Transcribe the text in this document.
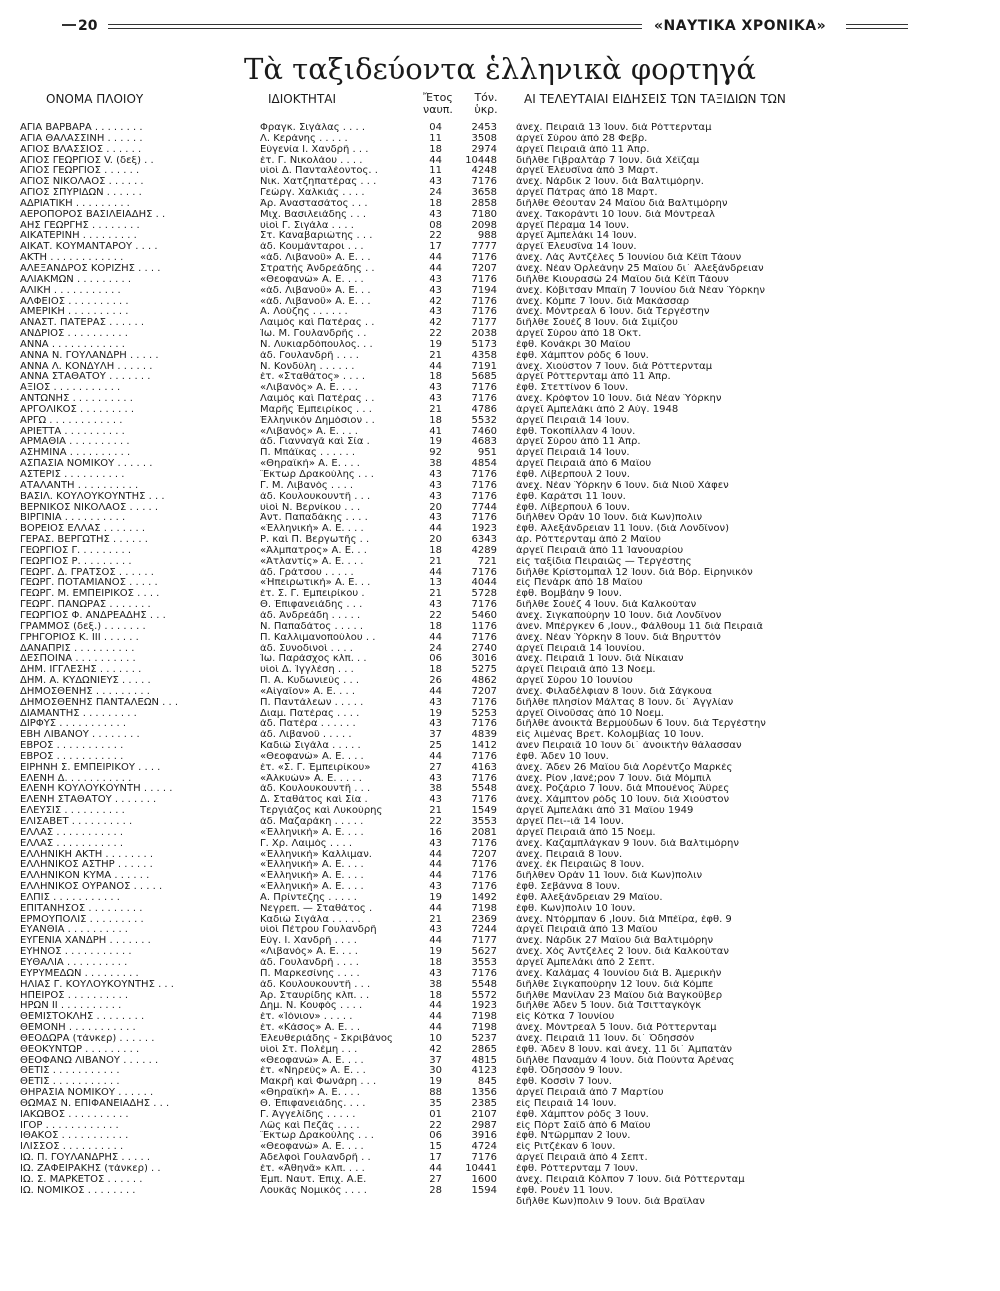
20	«ΝΑΥΤΙΚΑ ΧΡΟΝΙΚΑ»
Τὰ ταξιδεύοντα ἑλληνικὰ φορτηγά
ΟΝΟΜΑ ΠΛΟΙΟΥ	ΙΔΙΟΚΤΗΤΑΙ	Ἔτος ναυπ.
Τόν. ὑκρ.
ΑΙ ΤΕΛΕΥΤΑΙΑΙ ΕΙΔΗΣΕΙΣ ΤΩΝ ΤΑΞΙΔΙΩΝ ΤΩΝ
ΑΓΙΑ ΒΑΡΒΑΡΑ . . . . . . . .	Φραγκ. Σιγάλας . . . .	04	2453 ἀνεχ. Πειραιᾶ 13 Ἰουν. διὰ Ρόττερνταμ
ΑΓΙΑ ΘΑΛΑΣΣΙΝΗ . . . . . .	Λ. Κεράνης . . . . .	11	3508 ἀργεῖ Σύρου ἀπὸ 28 Φεβρ.
ΑΓΙΟΣ ΒΛΑΣΣΙΟΣ . . . . . .	Εὐγενία Ι. Χανδρῆ . . .	18	2974 ἀργεῖ Πειραιᾶ ἀπὸ 11 Ἀπρ.
ΑΓΙΟΣ ΓΕΩΡΓΙΟΣ V. (δεξ) . .	ἐτ. Γ. Νικολάου . . . .	44	10448 διῆλθε Γιβραλτὰρ 7 Ἰουν. διὰ Χέϊζαμ
ΑΓΙΟΣ ΓΕΩΡΓΙΟΣ . . . . . .	υἱοὶ Δ. Πανταλέοντος. .	11	4248 ἀργεῖ Ἐλευσῖνα ἀπὸ 3 Μαρτ.
ΑΓΙΟΣ ΝΙΚΟΛΑΟΣ . . . . . .	Νικ. Χατζηπατέρας . . .	43	7176 ἀνεχ. Νάρδικ 2 Ἰουν. διὰ Βαλτιμόρην.
ΑΓΙΟΣ ΣΠΥΡΙΔΩΝ . . . . . .	Γεώργ. Χαλκιάς . . . .	24	3658 ἀργεῖ Πάτρας ἀπὸ 18 Μαρτ.
ΑΔΡΙΑΤΙΚΗ . . . . . . . . .	Ἀρ. Ἀναστασάτος . . .	18	2858 διῆλθε Θέουταν 24 Μαΐου διὰ Βαλτιμόρην
ΑΕΡΟΠΟΡΟΣ ΒΑΣΙΛΕΙΑΔΗΣ . .	Μιχ. Βασιλειάδης . . .	43	7180 ἀνεχ. Τακοράντι 10 Ἰουν. διὰ Μόντρεαλ
ΑΗΣ ΓΕΩΡΓΗΣ . . . . . . . .	υἱοὶ Γ. Σιγάλα . . . .	08	2098 ἀργεῖ Πέραμα 14 Ἰουν.
ΑΙΚΑΤΕΡΙΝΗ . . . . . . . . .	Στ. Καναβαριώτης . . .	22	988 ἀργεῖ Ἀμπελάκι 14 Ἰουν.
ΑΙΚΑΤ. ΚΟΥΜΑΝΤΑΡΟΥ . . . .	ἀδ. Κουμάνταροι . . .	17	7777 ἀργεῖ Ἐλευσῖνα 14 Ἰουν.
ΑΚΤΗ . . . . . . . . . . . .	«ἀδ. Λιβανοῦ» Α. Ε. . .	44	7176 ἀνεχ. Λὰς Ἀντζέλες 5 Ἰουνίου διὰ Κέϊπ Τάουν
ΑΛΕΞΑΝΔΡΟΣ ΚΟΡΙΖΗΣ . . . .	Στρατής Ἀνδρεάδης . .	44	7207 ἀνεχ. Νέαν Ὀρλεάνην 25 Μαΐου δι᾿ Ἀλεξάνδρειαν
ΑΛΙΑΚΜΩΝ . . . . . . . . .	«Θεοφανώ» Α. Ε. . . .	43	7176 διῆλθε Κιουρασὼ 24 Μαΐου διὰ Κέϊπ Τάουν
ΑΛΙΚΗ . . . . . . . . . . .	«ἀδ. Λιβανοῦ» Α. Ε. . .	43	7194 ἀνεχ. Κόβιτσαν Μπαῒη 7 Ἰουνίου διὰ Νέαν Ὑόρκην
ΑΛΦΕΙΟΣ . . . . . . . . . .	«ἀδ. Λιβανοῦ» Α. Ε. . .	42	7176 ἀνεχ. Κόμπε 7 Ἰουν. διὰ Μακάσσαρ
ΑΜΕΡΙΚΗ . . . . . . . . . .	Α. Λούζης . . . . . .	43	7176 ἀνεχ. Μόντρεαλ 6 Ἰουν. διὰ Τεργέστην
ΑΝΑΣΤ. ΠΑΤΕΡΑΣ . . . . . .	Λαιμὸς καὶ Πατέρας . .	42	7177 διῆλθε Σουὲζ 8 Ἰουν. διὰ Σιμίζου
ΑΝΔΡΙΟΣ . . . . . . . . . .	Ἰω. Μ. Γουλανδρῆς . .	22	2038 ἀργεῖ Σύρου ἀπὸ 18 Ὀκτ.
ΑΝΝΑ . . . . . . . . . . . .	Ν. Λυκιαρδόπουλος. . .	19	5173 ἐφθ. Κονάκρι 30 Μαΐου
ΑΝΝΑ Ν. ΓΟΥΛΑΝΔΡΗ . . . . .	ἀδ. Γουλανδρῆ . . . .	21	4358 ἐφθ. Χάμπτον ρὸδς 6 Ἰουν.
ΑΝΝΑ Λ. ΚΟΝΔΥΛΗ . . . . . .	Ν. Κονδύλη . . . . . .	44	7191 ἀνεχ. Χιούστον 7 Ἰουν. διὰ Ρόττερνταμ
ΑΝΝΑ ΣΤΑΘΑΤΟΥ . . . . . . .	ἐτ. «Σταθάτος» . . . .	18	5685 ἀργεῖ Ρόττερνταμ ἀπὸ 11 Ἀπρ.
ΑΞΙΟΣ . . . . . . . . . . .	«Λιβανὸς» Α. Ε. . . .	43	7176 ἐφθ. Στεττίνον 6 Ἰουν.
ΑΝΤΩΝΗΣ . . . . . . . . . .	Λαιμὸς καὶ Πατέρας . .	43	7176 ἀνεχ. Κρόφτον 10 Ἰουν. διὰ Νέαν Ὑόρκην
ΑΡΓΟΛΙΚΟΣ . . . . . . . . .	Μαρῆς Ἐμπειρίκος . . .	21	4786 ἀργεῖ Ἀμπελάκι ἀπὸ 2 Αὐγ. 1948
ΑΡΓΩ . . . . . . . . . . . .	Ἑλληνικὸν Δημόσιον . .	18	5532 ἀργεῖ Πειραιᾶ 14 Ἰουν.
ΑΡΙΕΤΤΑ . . . . . . . . . .	«Λιβανὸς» Α. Ε. . . .	41	7460 ἐφθ. Τοκοπίλλαν 4 Ἰουν.
ΑΡΜΑΘΙΑ . . . . . . . . . .	ἀδ. Γιανναγᾶ καὶ Σία .	19	4683 ἀργεῖ Σύρου ἀπὸ 11 Ἀπρ.
ΑΣΗΜΙΝΑ . . . . . . . . . .	Π. Μπάϊκας . . . . . .	92	951 ἀργεῖ Πειραιᾶ 14 Ἰουν.
ΑΣΠΑΣΙΑ ΝΟΜΙΚΟΥ . . . . . .	«Θηραϊκή» Α. Ε. . . .	38	4854 ἀργεῖ Πειραιᾶ ἀπὸ 6 Μαΐου
ΑΣΤΕΡΙΣ . . . . . . . . . .	Ἕκτωρ Δρακούλης . . .	43	7176 ἐφθ. Λίβερπουλ 2 Ἰουν.
ΑΤΑΛΑΝΤΗ . . . . . . . . . .	Γ. Μ. Λιβανὸς . . . .	43	7176 ἀνεχ. Νέαν Ὑόρκην 6 Ἰουν. διὰ Νιοῦ Χάφεν
ΒΑΣΙΛ. ΚΟΥΛΟΥΚΟΥΝΤΗΣ . . .	ἀδ. Κουλουκουντῆ . . .	43	7176 ἐφθ. Καράτσι 11 Ἰουν.
ΒΕΡΝΙΚΟΣ ΝΙΚΟΛΑΟΣ . . . . .	υἱοὶ Ν. Βερνίκου . . .	20	7744 ἐφθ. Λίβερπουλ 6 Ἰουν.
ΒΙΡΓΙΝΙΑ . . . . . . . . . .	Ἀντ. Παπαδάκης . . . .	43	7176 διῆλθεν Ὀρὰν 10 Ἰουν. διὰ Κων)πολιν
ΒΟΡΕΙΟΣ ΕΛΛΑΣ . . . . . . .	«Ἑλληνική» Α. Ε. . . .	44	1923 ἐφθ. Ἀλεξάνδρειαν 11 Ἰουν. (διὰ Λονδῖνον)
ΓΕΡΑΣ. ΒΕΡΓΩΤΗΣ . . . . . .	Ρ. καὶ Π. Βεργωτῆς . .	20	6343 ἀρ. Ρόττερνταμ ἀπὸ 2 Μαΐου
ΓΕΩΡΓΙΟΣ Γ. . . . . . . . .	«Ἀλμπατρος» Α. Ε. . .	18	4289 ἀργεῖ Πειραιᾶ ἀπὸ 11 Ἰανουαρίου
ΓΕΩΡΓΙΟΣ Ρ. . . . . . . . .	«Ἀτλαντίς» Α. Ε. . . .	21	721 εἰς ταξίδια Πειραιῶς — Τεργέστης
ΓΕΩΡΓ. Δ. ΓΡΑΤΣΟΣ . . . . . .	ἀδ. Γράτσου . . . . .	44	7176 διῆλθε Κρίστομπαλ 12 Ἰουν. διὰ Βόρ. Εἰρηνικὸν
ΓΕΩΡΓ. ΠΟΤΑΜΙΑΝΟΣ . . . . .	«Ἠπειρωτική» Α. Ε. . .	13	4044 εἰς Πενὰρκ ἀπὸ 18 Μαΐου
ΓΕΩΡΓ. Μ. ΕΜΠΕΙΡΙΚΟΣ . . . .	ἐτ. Σ. Γ. Ἐμπειρίκου .	21	5728 ἐφθ. Βομβάην 9 Ἰουν.
ΓΕΩΡΓ. ΠΑΝΩΡΑΣ . . . . . . .	Θ. Ἐπιφανειάδης . . .	43	7176 διῆλθε Σουὲζ 4 Ἰουν. διὰ Καλκούταν
ΓΕΩΡΓΙΟΣ Φ. ΑΝΔΡΕΑΔΗΣ . . .	ἀδ. Ἀνδρεάδη . . . . .	22	5460 ἀνεχ. Σιγκαπούρην 10 Ἰουν. διὰ Λονδῖνον
ΓΡΑΜΜΟΣ (δεξ.) . . . . . . .	Ν. Παπαδάτος . . . . .	18	1176 ἀνεν. Μπέργκεν 6 ,Ιουν., Φάλθουμ 11 διὰ Πειραιᾶ
ΓΡΗΓΟΡΙΟΣ Κ. ΙΙΙ . . . . . .	Π. Καλλιμανοπούλου . .	44	7176 ἀνεχ. Νέαν Ὑόρκην 8 Ἰουν. διὰ Βηρυττὸν
ΔΑΝΑΠΡΙΣ . . . . . . . . . .	ἀδ. Συνοδινοὶ . . . .	24	2740 ἀργεῖ Πειραιᾶ 14 Ἰουνίου.
ΔΕΣΠΟΙΝΑ . . . . . . . . . .	Ἰω. Παράσχος κλπ. . .	06	3016 ἀνεχ. Πειραιᾶ 1 Ἰουν. διὰ Νίκαιαν
ΔΗΜ. ΙΓΓΛΕΣΗΣ . . . . . . .	υἱοὶ Δ. Ἰγγλέση . . .	18	5275 ἀργεῖ Πειραιᾶ ἀπὸ 13 Νοεμ.
ΔΗΜ. Α. ΚΥΔΩΝΙΕΥΣ . . . . .	Π. Α. Κυδωνιεὺς . . .	26	4862 ἀργεῖ Σύρου 10 Ἰουνίου
ΔΗΜΟΣΘΕΝΗΣ . . . . . . . . .	«Αἰγαῖον» Α. Ε. . . .	44	7207 ἀνεχ. Φιλαδέλφιαν 8 Ἰουν. διὰ Σάγκουα
ΔΗΜΟΣΘΕΝΗΣ ΠΑΝΤΑΛΕΩΝ . . .	Π. Παντάλεων . . . . .	43	7176 διῆλθε πλησίον Μάλτας 8 Ἰουν. δι᾿ Ἀγγλίαν
ΔΙΑΜΑΝΤΗΣ . . . . . . . . .	Διαμ. Πατέρας . . . .	19	5253 ἀργεῖ Οἰνοῦσας ἀπὸ 10 Νοεμ.
ΔΙΡΦΥΣ . . . . . . . . . . .	ἀδ. Πατέρα . . . . . .	43	7176 διῆλθε ἀνοικτὰ Βερμούδων 6 Ἰουν. διὰ Τεργέστην
ΕΒΗ ΛΙΒΑΝΟΥ . . . . . . . .	ἀδ. Λιβανοῦ . . . . .	37	4839 εἰς λιμένας Βρετ. Κολομβίας 10 Ἰουν.
ΕΒΡΟΣ . . . . . . . . . . .	Καδιώ Σιγάλα . . . . .	25	1412 ἀνεν Πειραιᾶ 10 Ἰουν δι᾿ ἀνοικτὴν θάλασσαν
ΕΒΡΟΣ . . . . . . . . . . .	«Θεοφανώ» Α. Ε. . . .	44	7176 ἐφθ. Ἄδεν 10 Ἰουν.
ΕΙΡΗΝΗ Σ. ΕΜΠΕΙΡΙΚΟΥ . . . .	ἐτ. «Σ. Γ. Ἐμπειρίκου»	27	4163 ἀνεχ. Ἄδεν 26 Μαΐου διὰ Λορέντζο Μαρκὲς
ΕΛΕΝΗ Δ. . . . . . . . . . .	«Ἀλκυὼν» Α. Ε. . . . .	43	7176 ἀνεχ. Ρίον ,Ιανέ;ρον 7 Ἰουν. διὰ Μόμπιλ
ΕΛΕΝΗ ΚΟΥΛΟΥΚΟΥΝΤΗ . . . . .	ἀδ. Κουλουκουντῆ . . .	38	5548 ἀνεχ. Ροζάριο 7 Ἰουν. διὰ Μπουένος Ἄϋρες
ΕΛΕΝΗ ΣΤΑΘΑΤΟΥ . . . . . . .	Δ. Σταθάτος καὶ Σία .	43	7176 ἀνεχ. Χάμπτον ρὸδς 10 Ἰουν. διὰ Χιούστον
ΕΛΕΥΣΙΣ . . . . . . . . . .	Τεργιάζος καὶ Λυκούρης	21	1549 ἀργεῖ Ἀμπελάκι ἀπὸ 31 Μαΐου 1949
ΕΛΙΣΑΒΕΤ . . . . . . . . . .	ἀδ. Μαζαράκη . . . . .	22	3553 ἀργεῖ Πει--ιᾶ 14 Ἰουν.
ΕΛΛΑΣ . . . . . . . . . . .	«Ἑλληνική» Α. Ε. . . .	16	2081 ἀργεῖ Πειραιᾶ ἀπὸ 15 Νοεμ.
ΕΛΛΑΣ . . . . . . . . . . .	Γ. Χρ. Λαιμὸς . . . .	43	7176 ἀνεχ. Καζαμπλάγκαν 9 Ἰουν. διὰ Βαλτιμόρην
ΕΛΛΗΝΙΚΗ ΑΚΤΗ . . . . . . . .	«Ἑλληνική» Καλλιμαν.	44	7207 ἀνεχ. Πειραιᾶ 8 Ἰουν.
ΕΛΛΗΝΙΚΟΣ ΑΣΤΗΡ . . . . . .	«Ἑλληνική» Α. Ε. . . .	44	7176 ἀνεχ. ἐκ Πειραιῶς 8 Ἰουν.
ΕΛΛΗΝΙΚΟΝ ΚΥΜΑ . . . . . .	«Ἑλληνική» Α. Ε. . . .	44	7176 διῆλθεν Ὀρὰν 11 Ἰουν. διὰ Κων)πολιν
ΕΛΛΗΝΙΚΟΣ ΟΥΡΑΝΟΣ . . . . .	«Ἑλληνική» Α. Ε. . . .	43	7176 ἐφθ. Σεβάννα 8 Ἰουν.
ΕΛΠΙΣ . . . . . . . . . . .	Α. Πρίντεζης . . . . .	19	1492 ἐφθ. Ἀλεξάνδρειαν 29 Μαΐου.
ΕΠΙΤΑΝΗΣΟΣ . . . . . . . . .	Νεγρεπ. — Σταθάτος .	44	7198 ἐφθ. Κων)πολιν 10 Ἰουν.
ΕΡΜΟΥΠΟΛΙΣ . . . . . . . . .	Καδιὼ Σιγάλα . . . . .	21	2369 ἀνεχ. Ντόρμπαν 6 ,Ιουν. διὰ Μπέϊρα, ἐφθ. 9
ΕΥΑΝΘΙΑ . . . . . . . . . .	υἱοὶ Πέτρου Γουλανδρῆ	43	7244 ἀργεῖ Πειραιᾶ ἀπὸ 13 Μαΐου
ΕΥΓΕΝΙΑ ΧΑΝΔΡΗ . . . . . . .	Εὐγ. Ι. Χανδρῆ . . . .	44	7177 ἀνεχ. Νάρδικ 27 Μαΐου διὰ Βαλτιμόρην
ΕΥΗΝΟΣ . . . . . . . . . . .	«Λιβανὸς» Α. Ε. . . .	19	5627 ἀνεχ. Χὸς Ἀντζέλες 2 Ἰουν. διὰ Καλκούταν
ΕΥΘΑΛΙΑ . . . . . . . . . .	ἀδ. Γουλανδρῆ . . . .	18	3553 ἀργεῖ Ἀμπελάκι ἀπὸ 2 Σεπτ.
ΕΥΡΥΜΕΔΩΝ . . . . . . . . .	Π. Μαρκεσίνης . . . .	43	7176 ἀνεχ. Καλάμας 4 Ἰουνίου διὰ Β. Ἀμερικὴν
ΗΛΙΑΣ Γ. ΚΟΥΛΟΥΚΟΥΝΤΗΣ . . .	ἀδ. Κουλουκουντῆ . . .	38	5548 διῆλθε Σιγκαπούρην 12 Ἰουν. διὰ Κόμπε
ΗΠΕΙΡΟΣ . . . . . . . . . .	Ἀρ. Σταυρίδης κλπ. . .	18	5572 διῆλθε Μανίλαν 23 Μαΐου διὰ Βαγκοῦβερ
ΗΡΩΝ ΙΙ . . . . . . . . . .	Δημ. Ν. Κουφὸς . . . .	44	1923 διῆλθε Ἄδεν 5 Ἰουν. διὰ Τσιτταγκὸγκ
ΘΕΜΙΣΤΟΚΛΗΣ . . . . . . . .	ἐτ. «Ἰόνιον» . . . . .	44	7198 εἰς Κότκα 7 Ἰουνίου
ΘΕΜΟΝΗ . . . . . . . . . . .	ἐτ. «Κάσος» Α. Ε. . .	44	7198 ἀνεχ. Μόντρεαλ 5 Ἰουν. διὰ Ρόττερνταμ
ΘΕΟΔΩΡΑ (τάνκερ) . . . . . .	Ἐλευθεριάδης - Σκριβάνος	10	5237 ἀνεχ. Πειραιᾶ 11 Ἰουν. δι᾿ Ὀδησσὸν
ΘΕΟΚΥΝΤΩΡ . . . . . . . . .	υἱοὶ Στ. Πολέμη . . .	42	2865 ἐφθ. Ἄδεν 8 Ἰουν. καὶ ἀνεχ. 11 δι᾿ Ἀμπατὰν
ΘΕΟΦΑΝΩ ΛΙΒΑΝΟΥ . . . . . .	«Θεοφανώ» Α. Ε. . . .	37	4815 διῆλθε Παναμὰν 4 Ἰουν. διὰ Πούντα Ἀρένας
ΘΕΤΙΣ . . . . . . . . . . .	ἐτ. «Νηρεύς» Α. Ε. . .	30	4123 ἐφθ. Ὀδησσὸν 9 Ἰουν.
ΘΕΤΙΣ . . . . . . . . . . .	Μακρῆ καὶ Φωνάρη . . .	19	845 ἐφθ. Κοσσὶν 7 Ἰουν.
ΘΗΡΑΣΙΑ ΝΟΜΙΚΟΥ . . . . . .	«Θηραϊκή» Α. Ε. . . .	88	1356 ἀργεῖ Πειραιᾶ ἀπὸ 7 Μαρτίου
ΘΩΜΑΣ Ν. ΕΠΙΦΑΝΕΙΑΔΗΣ . . .	Θ. Ἐπιφανειάδης. . . .	35	2385 εἰς Πειραιᾶ 14 Ἰουν.
ΙΑΚΩΒΟΣ . . . . . . . . . .	Γ. Ἀγγελίδης . . . . .	01	2107 ἐφθ. Χάμπτον ρὸδς 3 Ἰουν.
ΙΓΟΡ . . . . . . . . . . . .	Λῶς καὶ Πεζᾶς . . . .	22	2987 εἰς Πὸρτ Σαΐδ ἀπὸ 6 Μαΐου
ΙΘΑΚΟΣ . . . . . . . . . . .	Ἕκτωρ Δρακούλης . . .	06	3916 ἐφθ. Ντῶρμπαν 2 Ἰουν.
ΙΛΙΣΣΟΣ . . . . . . . . . .	«Θεοφανὼ» Α. Ε. . . .	15	4724 εἰς Ριτζέκαν 6 Ἰουν.
ΙΩ. Π. ΓΟΥΛΑΝΔΡΗΣ . . . . .	Ἀδελφοὶ Γουλανδρῆ . .	17	7176 ἀργεῖ Πειραιᾶ ἀπὸ 4 Σεπτ.
ΙΩ. ΖΑΦΕΙΡΑΚΗΣ (τάνκερ) . .	ἐτ. «Ἀθηνᾶ» κλπ. . . .	44	10441 ἐφθ. Ρόττερνταμ 7 Ἰουν.
ΙΩ. Σ. ΜΑΡΚΕΤΟΣ . . . . . .	Ἐμπ. Ναυτ. Ἐπιχ. Α.Ε.	27	1600 ἀνεχ. Πειραιᾶ Κόλπον 7 Ἰουν. διὰ Ρόττερνταμ
ΙΩ. ΝΟΜΙΚΟΣ . . . . . . . .	Λουκᾶς Νομικὸς . . . .	28	1594 ἐφθ. Ρουὲν 11 Ἰουν.
διῆλθε Κων)πολιν 9 Ἰουν. διὰ Βραΐλαν
